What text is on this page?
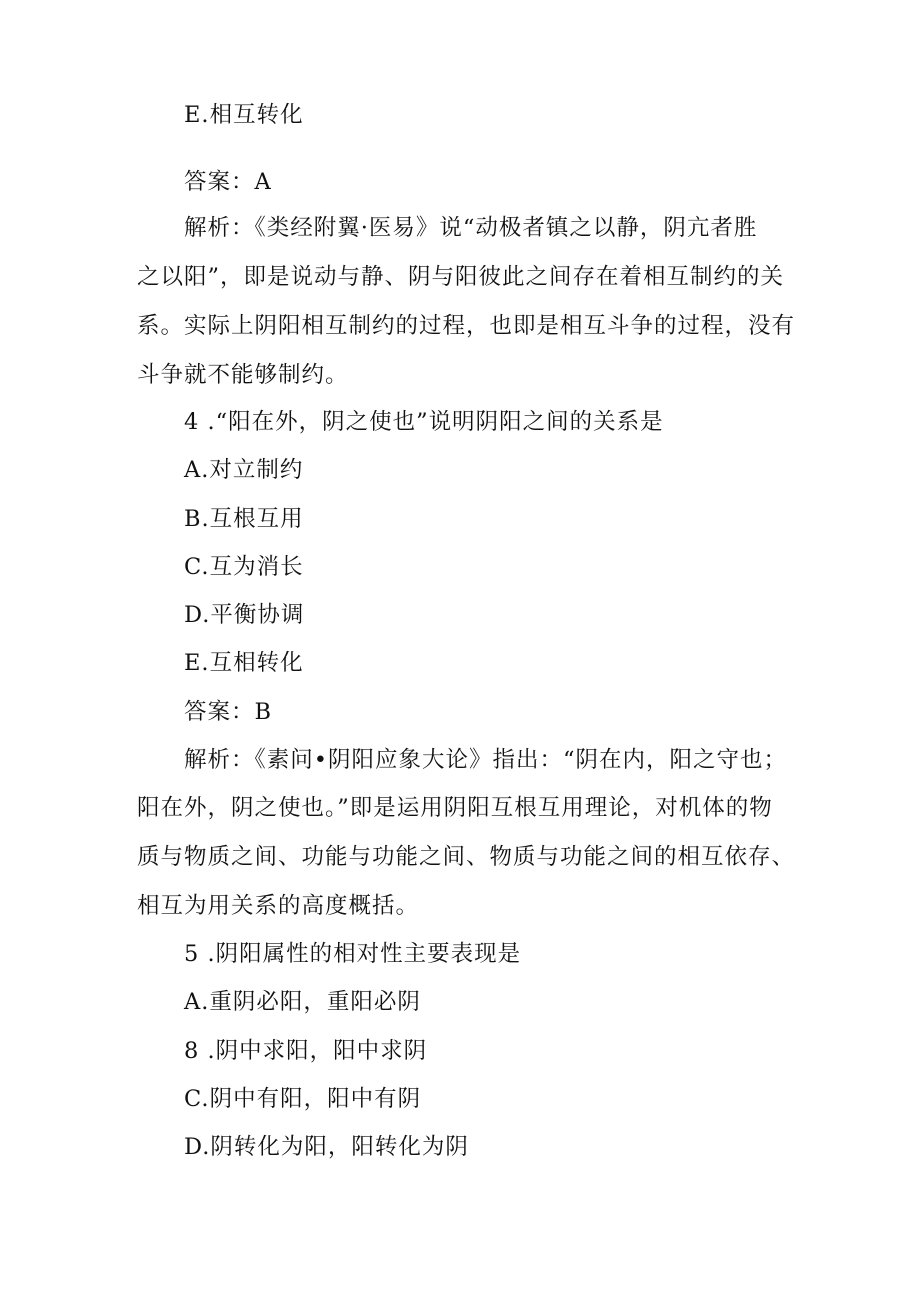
E.相互转化
答案：A
解析：《类经附翼·医易》说“动极者镇之以静，阴亢者胜
之以阳”，即是说动与静、阴与阳彼此之间存在着相互制约的关
系。实际上阴阳相互制约的过程，也即是相互斗争的过程，没有
斗争就不能够制约。
4 .“阳在外，阴之使也”说明阴阳之间的关系是
A.对立制约
B.互根互用
C.互为消长
D.平衡协调
E.互相转化
答案：B
解析：《素问•阴阳应象大论》指出：“阴在内，阳之守也；
阳在外，阴之使也。”即是运用阴阳互根互用理论，对机体的物
质与物质之间、功能与功能之间、物质与功能之间的相互依存、
相互为用关系的高度概括。
5 .阴阳属性的相对性主要表现是
A.重阴必阳，重阳必阴
8 .阴中求阳，阳中求阴
C.阴中有阳，阳中有阴
D.阴转化为阳，阳转化为阴
